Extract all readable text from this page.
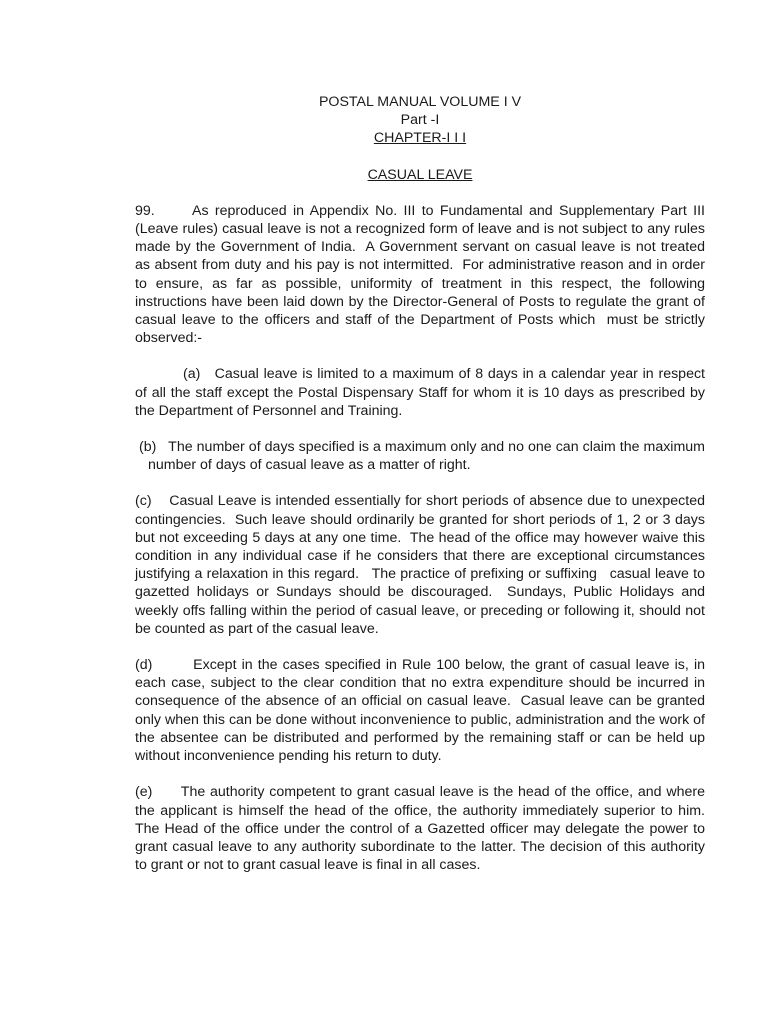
POSTAL MANUAL VOLUME I V

Part -I

CHAPTER-I I I

CASUAL LEAVE

99.      As reproduced in Appendix No. III to Fundamental and Supplementary Part III (Leave rules) casual leave is not a recognized form of leave and is not subject to any rules made by the Government of India.  A Government servant on casual leave is not treated as absent from duty and his pay is not intermitted.  For administrative reason and in order to ensure, as far as possible, uniformity of treatment in this respect, the following instructions have been laid down by the Director-General of Posts to regulate the grant of casual leave to the officers and staff of the Department of Posts which  must be strictly observed:-

(a)   Casual leave is limited to a maximum of 8 days in a calendar year in respect of all the staff except the Postal Dispensary Staff for whom it is 10 days as prescribed by the Department of Personnel and Training.

(b)   The number of days specified is a maximum only and no one can claim the maximum number of days of casual leave as a matter of right.

(c)    Casual Leave is intended essentially for short periods of absence due to unexpected contingencies.  Such leave should ordinarily be granted for short periods of 1, 2 or 3 days but not exceeding 5 days at any one time.  The head of the office may however waive this condition in any individual case if he considers that there are exceptional circumstances justifying a relaxation in this regard.   The practice of prefixing or suffixing   casual leave to gazetted holidays or Sundays should be discouraged.  Sundays, Public Holidays and weekly offs falling within the period of casual leave, or preceding or following it, should not be counted as part of the casual leave.

(d)        Except in the cases specified in Rule 100 below, the grant of casual leave is, in each case, subject to the clear condition that no extra expenditure should be incurred in consequence of the absence of an official on casual leave.  Casual leave can be granted only when this can be done without inconvenience to public, administration and the work of the absentee can be distributed and performed by the remaining staff or can be held up without inconvenience pending his return to duty.

(e)      The authority competent to grant casual leave is the head of the office, and where the applicant is himself the head of the office, the authority immediately superior to him.  The Head of the office under the control of a Gazetted officer may delegate the power to grant casual leave to any authority subordinate to the latter. The decision of this authority to grant or not to grant casual leave is final in all cases.
